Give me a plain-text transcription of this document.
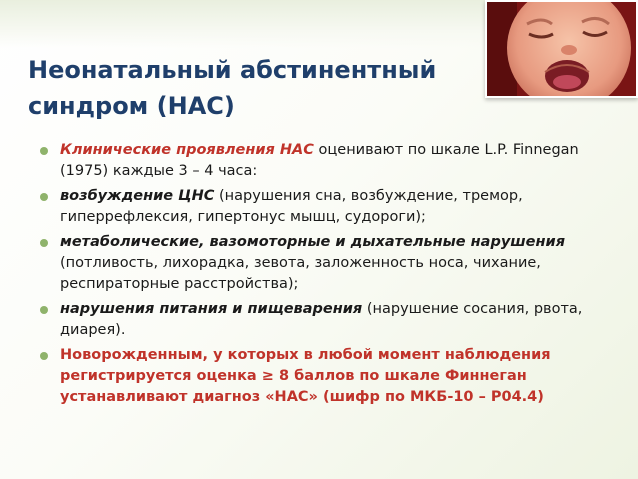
Неонатальный абстинентный
синдром (НАС)
Клинические проявления НАС оценивают по шкале L.P. Finnegan (1975) каждые 3 – 4 часа:
возбуждение ЦНС (нарушения сна, возбуждение, тремор, гиперрефлексия, гипертонус мышц, судороги);
метаболические, вазомоторные и дыхательные нарушения (потливость, лихорадка, зевота, заложенность носа, чихание, респираторные расстройства);
нарушения питания и пищеварения (нарушение сосания, рвота, диарея).
Новорожденным, у которых в любой момент наблюдения регистрируется оценка ≥ 8 баллов по шкале Финнеган устанавливают диагноз «НАС» (шифр по МКБ-10 – Р04.4)
